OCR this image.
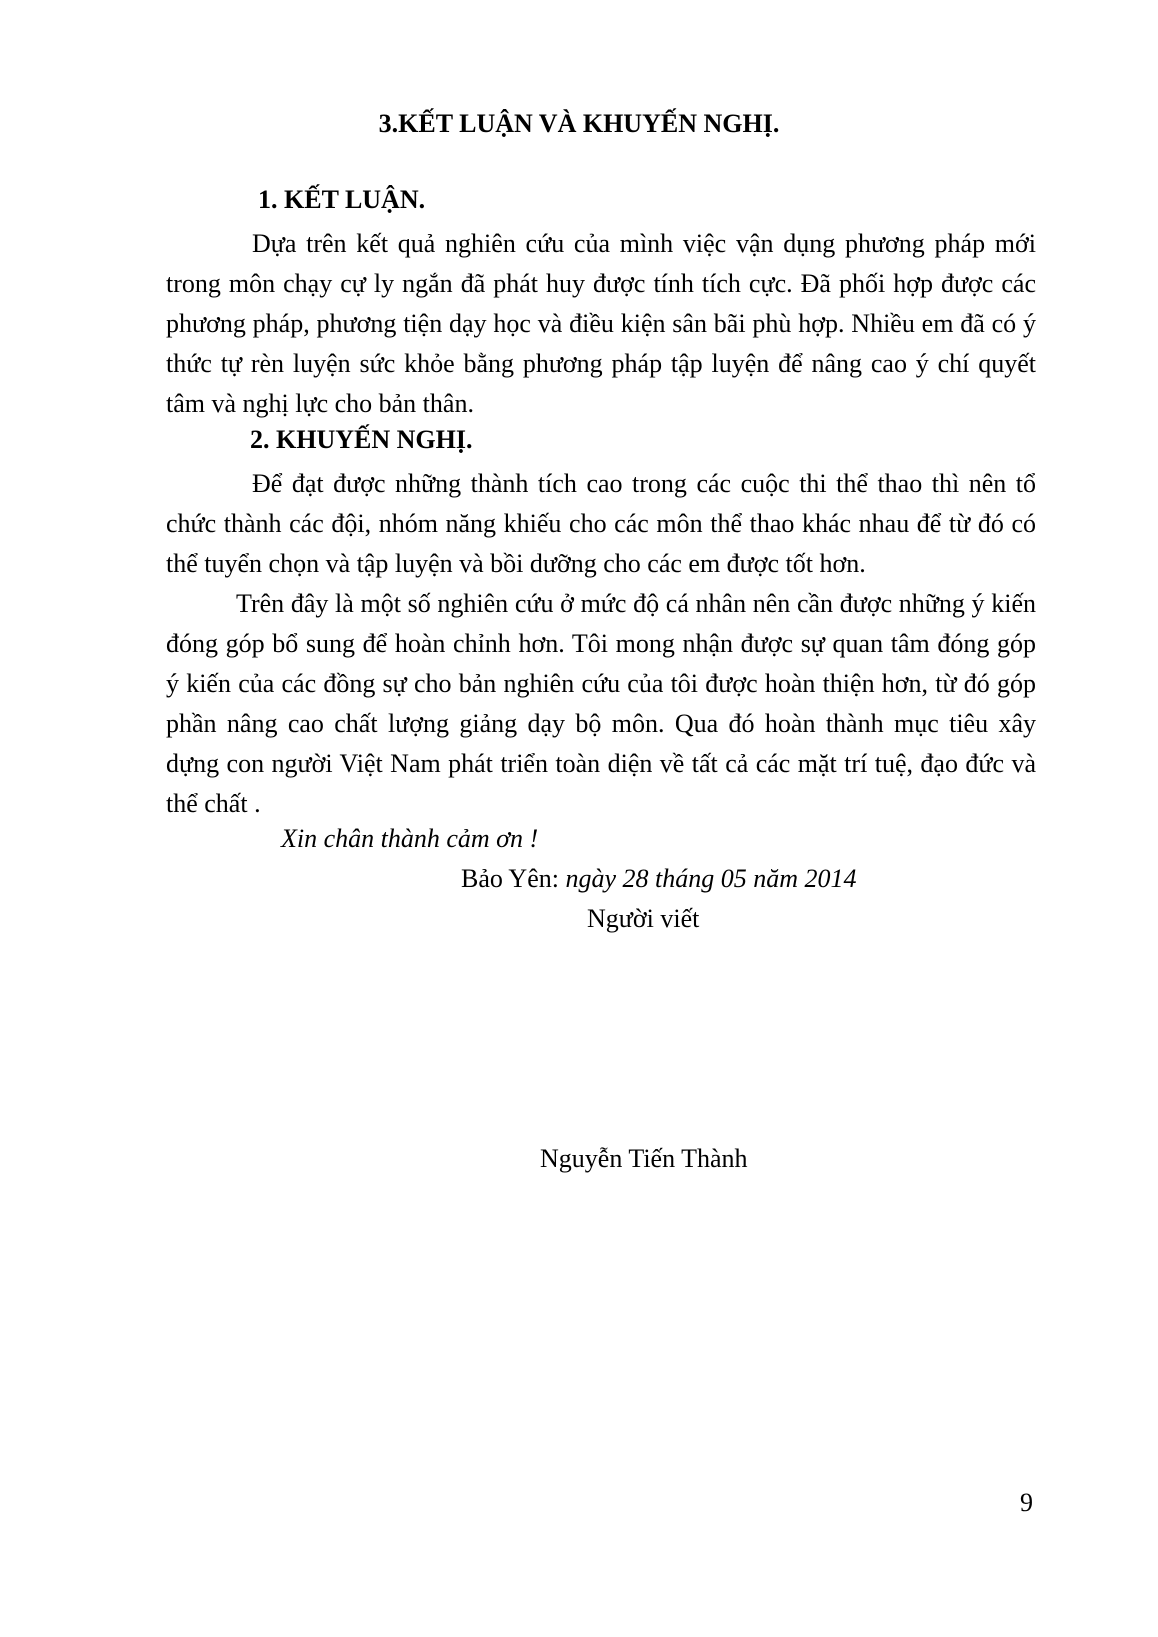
3.KẾT LUẬN VÀ KHUYẾN NGHỊ.
1. KẾT LUẬN.

Dựa trên kết quả nghiên cứu của mình việc vận dụng phương pháp mới trong môn chạy cự ly ngắn đã phát huy được tính tích cực. Đã phối hợp được các phương pháp, phương tiện dạy học và điều kiện sân bãi phù hợp. Nhiều em đã có ý thức tự rèn luyện sức khỏe bằng phương pháp tập luyện để nâng cao ý chí quyết tâm và nghị lực cho bản thân.

2. KHUYẾN NGHỊ.

Để đạt được những thành tích cao trong các cuộc thi thể thao thì nên tổ chức thành các đội, nhóm năng khiếu cho các môn thể thao khác nhau để từ đó có thể tuyển chọn và tập luyện và bồi dưỡng cho các em được tốt hơn.

Trên đây là một số nghiên cứu ở mức độ cá nhân nên cần được những ý kiến đóng góp bổ sung để hoàn chỉnh hơn. Tôi mong nhận được sự quan tâm đóng góp ý kiến của các đồng sự cho bản nghiên cứu của tôi được hoàn thiện hơn, từ đó góp phần nâng cao chất lượng giảng dạy bộ môn. Qua đó hoàn thành mục tiêu xây dựng con người Việt Nam phát triển toàn diện về tất cả các mặt trí tuệ, đạo đức và thể chất .

Xin chân thành cảm ơn !
Bảo Yên: ngày 28 tháng 05 năm 2014
Người viết
Nguyễn Tiến Thành
9
